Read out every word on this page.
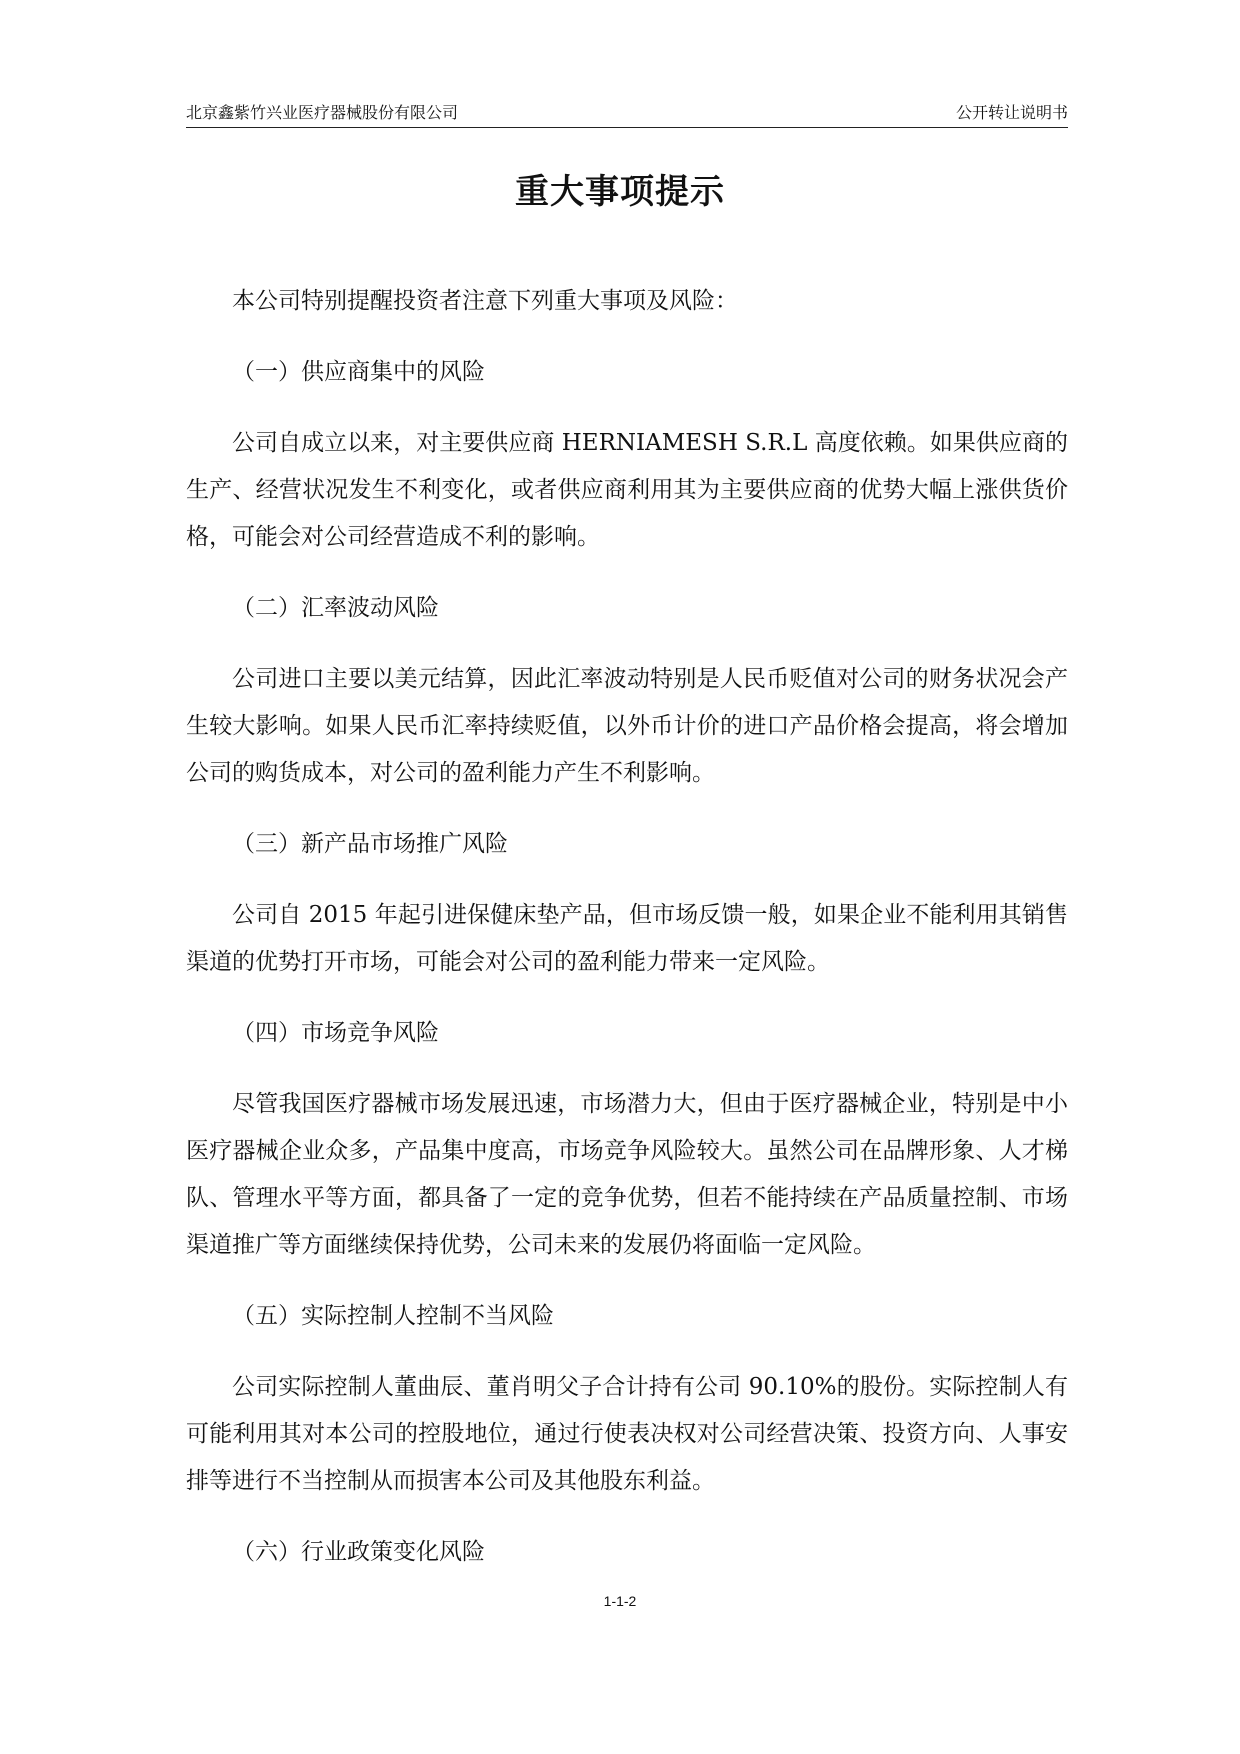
北京鑫紫竹兴业医疗器械股份有限公司	公开转让说明书
重大事项提示

本公司特别提醒投资者注意下列重大事项及风险：

（一）供应商集中的风险

公司自成立以来，对主要供应商 HERNIAMESH S.R.L 高度依赖。如果供应商的生产、经营状况发生不利变化，或者供应商利用其为主要供应商的优势大幅上涨供货价格，可能会对公司经营造成不利的影响。

（二）汇率波动风险

公司进口主要以美元结算，因此汇率波动特别是人民币贬值对公司的财务状况会产生较大影响。如果人民币汇率持续贬值，以外币计价的进口产品价格会提高，将会增加公司的购货成本，对公司的盈利能力产生不利影响。

（三）新产品市场推广风险

公司自 2015 年起引进保健床垫产品，但市场反馈一般，如果企业不能利用其销售渠道的优势打开市场，可能会对公司的盈利能力带来一定风险。

（四）市场竞争风险

尽管我国医疗器械市场发展迅速，市场潜力大，但由于医疗器械企业，特别是中小医疗器械企业众多，产品集中度高，市场竞争风险较大。虽然公司在品牌形象、人才梯队、管理水平等方面，都具备了一定的竞争优势，但若不能持续在产品质量控制、市场渠道推广等方面继续保持优势，公司未来的发展仍将面临一定风险。

（五）实际控制人控制不当风险

公司实际控制人董曲辰、董肖明父子合计持有公司 90.10%的股份。实际控制人有可能利用其对本公司的控股地位，通过行使表决权对公司经营决策、投资方向、人事安排等进行不当控制从而损害本公司及其他股东利益。

（六）行业政策变化风险

1-1-2
